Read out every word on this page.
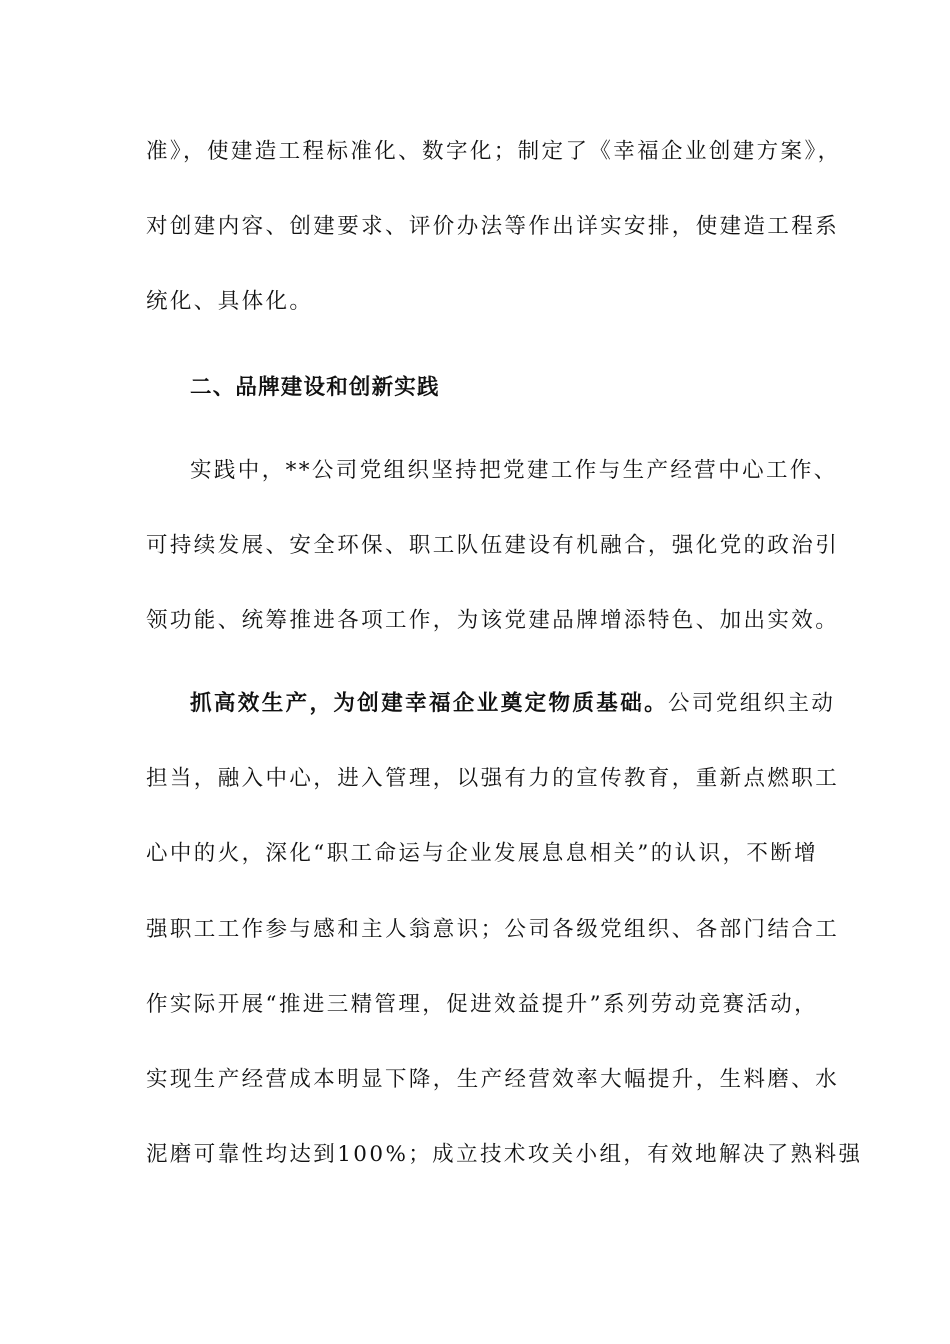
准》，使建造工程标准化、数字化；制定了《幸福企业创建方案》，
对创建内容、创建要求、评价办法等作出详实安排，使建造工程系
统化、具体化。
二、品牌建设和创新实践
实践中，**公司党组织坚持把党建工作与生产经营中心工作、
可持续发展、安全环保、职工队伍建设有机融合，强化党的政治引
领功能、统筹推进各项工作，为该党建品牌增添特色、加出实效。
抓高效生产，为创建幸福企业奠定物质基础。公司党组织主动
担当，融入中心，进入管理，以强有力的宣传教育，重新点燃职工
心中的火，深化“职工命运与企业发展息息相关”的认识，不断增
强职工工作参与感和主人翁意识；公司各级党组织、各部门结合工
作实际开展“推进三精管理，促进效益提升”系列劳动竞赛活动，
实现生产经营成本明显下降，生产经营效率大幅提升，生料磨、水
泥磨可靠性均达到100%；成立技术攻关小组，有效地解决了熟料强
